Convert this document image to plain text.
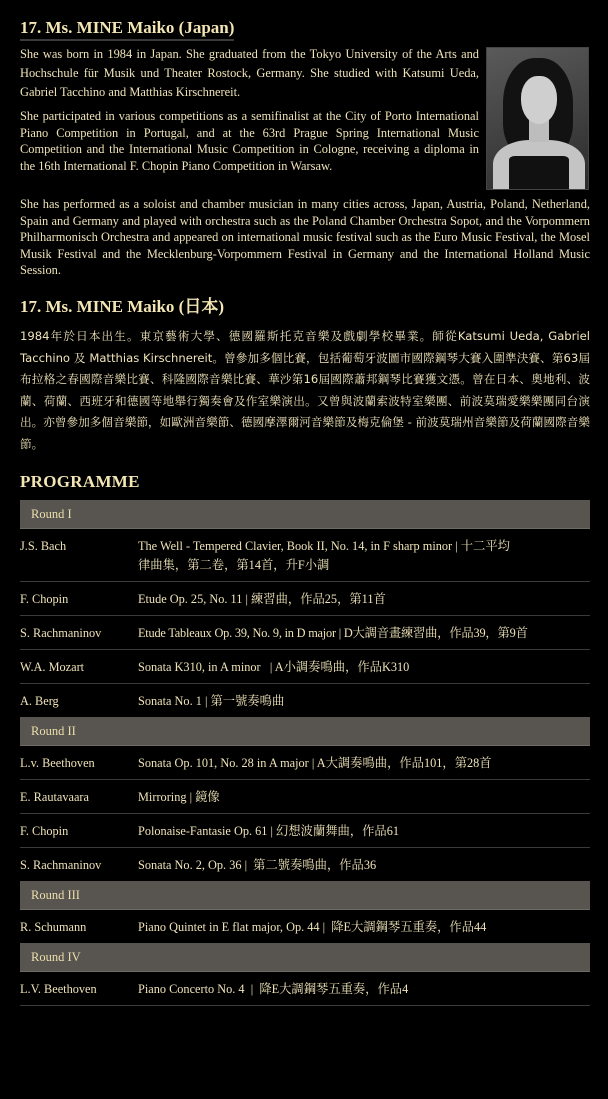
17. Ms. MINE Maiko (Japan)

She was born in 1984 in Japan. She graduated from the Tokyo University of the Arts and Hochschule für Musik und Theater Rostock, Germany. She studied with Katsumi Ueda, Gabriel Tacchino and Matthias Kirschnereit.

She participated in various competitions as a semifinalist at the City of Porto International Piano Competition in Portugal, and at the 63rd Prague Spring International Music Competition and the International Music Competition in Cologne, receiving a diploma in the 16th International F. Chopin Piano Competition in Warsaw.

She has performed as a soloist and chamber musician in many cities across, Japan, Austria, Poland, Netherland, Spain and Germany and played with orchestra such as the Poland Chamber Orchestra Sopot, and the Vorpommern Philharmonisch Orchestra and appeared on international music festival such as the Euro Music Festival, the Mosel Musik Festival and the Mecklenburg-Vorpommern Festival in Germany and the International Holland Music Session.

17. Ms. MINE Maiko (日本)

1984年於日本出生。東京藝術大學、德國羅斯托克音樂及戲劇學校畢業。師從Katsumi Ueda, Gabriel Tacchino 及 Matthias Kirschnereit。曾參加多個比賽，包括葡萄牙波圖市國際鋼琴大賽入圍準決賽、第63屆布拉格之春國際音樂比賽、科隆國際音樂比賽、華沙第16屆國際蕭邦鋼琴比賽獲文憑。曾在日本、奧地利、波蘭、荷蘭、西班牙和德國等地舉行獨奏會及作室樂演出。又曾與波蘭索波特室樂團、前波莫瑞愛樂樂團同台演出。亦曾參加多個音樂節，如歐洲音樂節、德國摩澤爾河音樂節及梅克倫堡 - 前波莫瑞州音樂節及荷蘭國際音樂節。

PROGRAMME
Round I
J.S. Bach	The Well - Tempered Clavier, Book II, No. 14, in F sharp minor | 十二平均律曲集，第二卷，第14首，升F小調
F. Chopin	Etude Op. 25, No. 11 | 練習曲，作品25，第11首
S. Rachmaninov	Etude Tableaux Op. 39, No. 9, in D major | D大調音畫練習曲，作品39，第9首
W.A. Mozart	Sonata K310, in A minor   | A小調奏鳴曲，作品K310
A. Berg	Sonata No. 1 | 第一號奏鳴曲
Round II
L.v. Beethoven	Sonata Op. 101, No. 28 in A major | A大調奏鳴曲，作品101，第28首
E. Rautavaara	Mirroring | 鏡像
F. Chopin	Polonaise-Fantasie Op. 61 | 幻想波蘭舞曲，作品61
S. Rachmaninov	Sonata No. 2, Op. 36 |  第二號奏鳴曲，作品36
Round III
R. Schumann	Piano Quintet in E flat major, Op. 44 |  降E大調鋼琴五重奏，作品44
Round IV
L.V. Beethoven	Piano Concerto No. 4  |  降E大調鋼琴五重奏，作品4
